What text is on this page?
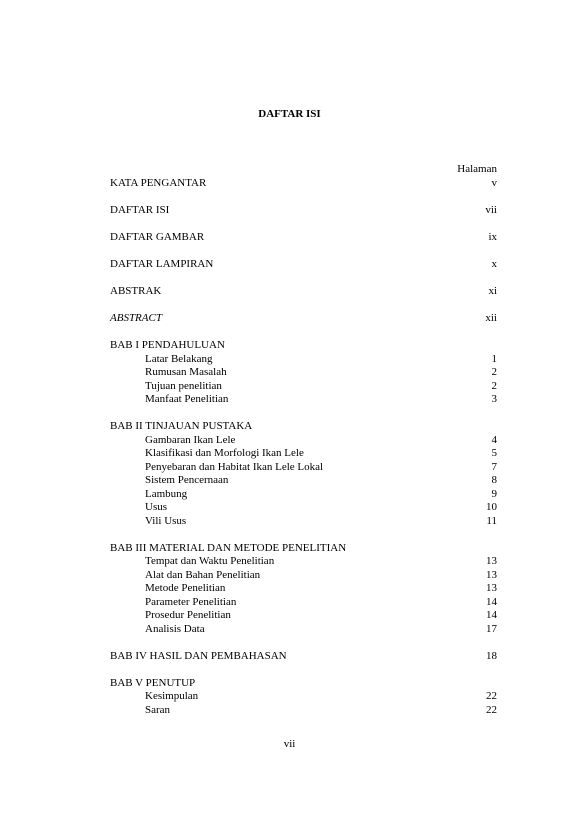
DAFTAR ISI
Halaman
KATA PENGANTAR	v
DAFTAR ISI	vii
DAFTAR GAMBAR	ix
DAFTAR LAMPIRAN	x
ABSTRAK	xi
ABSTRACT	xii
BAB I PENDAHULUAN
Latar Belakang	1
Rumusan Masalah	2
Tujuan penelitian	2
Manfaat Penelitian	3
BAB II TINJAUAN PUSTAKA
Gambaran Ikan Lele	4
Klasifikasi dan Morfologi Ikan Lele	5
Penyebaran dan Habitat Ikan Lele Lokal	7
Sistem Pencernaan	8
Lambung	9
Usus	10
Vili Usus	11
BAB III MATERIAL DAN METODE PENELITIAN
Tempat dan Waktu Penelitian	13
Alat dan Bahan Penelitian	13
Metode Penelitian	13
Parameter Penelitian	14
Prosedur Penelitian	14
Analisis Data	17
BAB IV HASIL DAN PEMBAHASAN	18
BAB V PENUTUP
Kesimpulan	22
Saran	22
vii
